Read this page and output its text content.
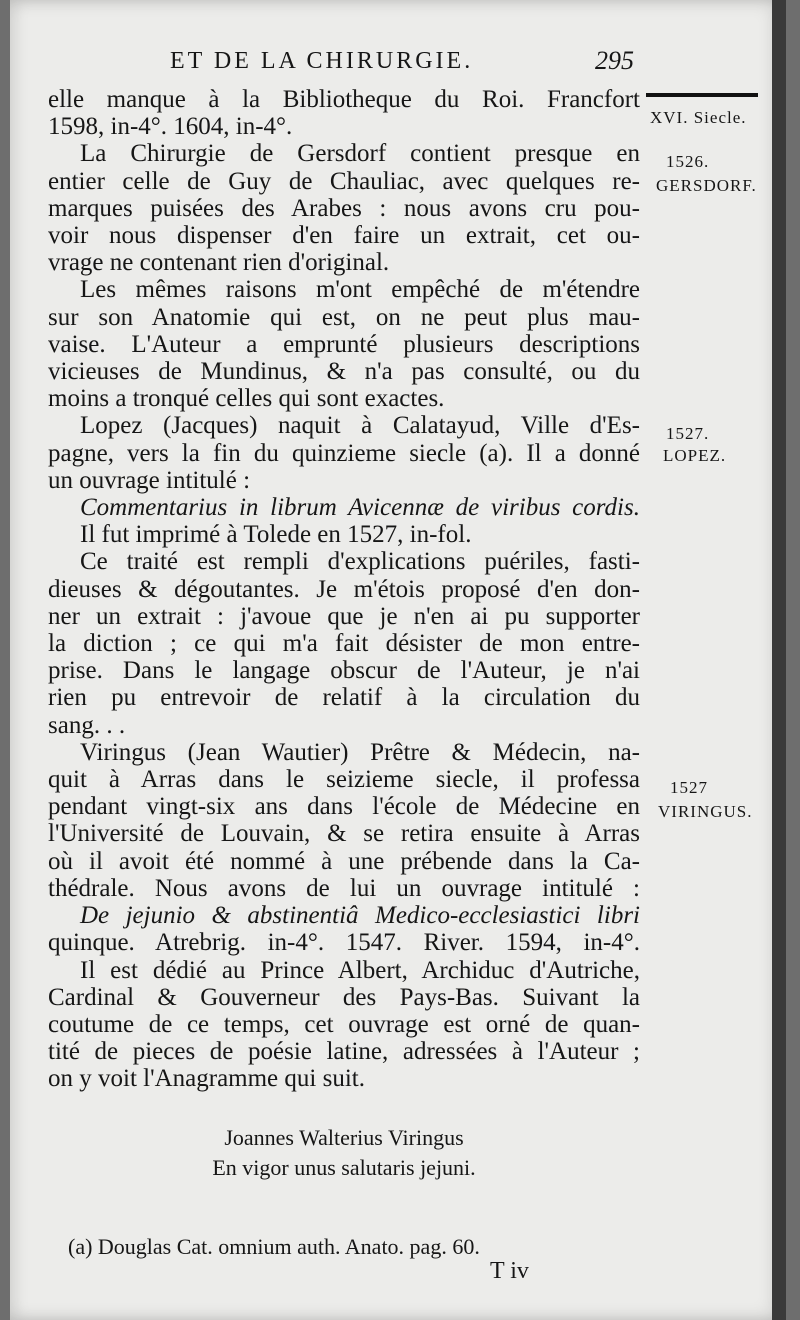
ET DE LA CHIRURGIE.	295
XVI. Siecle.
1526.
GERSDORF.
1527.
LOPEZ.
1527
VIRINGUS.

elle manque à la Bibliotheque du Roi. Francfort

1598, in-4°. 1604, in-4°.

La Chirurgie de Gersdorf contient presque en

entier celle de Guy de Chauliac, avec quelques re-

marques puisées des Arabes : nous avons cru pou-

voir nous dispenser d'en faire un extrait, cet ou-

vrage ne contenant rien d'original.

Les mêmes raisons m'ont empêché de m'étendre

sur son Anatomie qui est, on ne peut plus mau-

vaise. L'Auteur a emprunté plusieurs descriptions

vicieuses de Mundinus, & n'a pas consulté, ou du

moins a tronqué celles qui sont exactes.

Lopez (Jacques) naquit à Calatayud, Ville d'Es-

pagne, vers la fin du quinzieme siecle (a). Il a donné

un ouvrage intitulé :

Commentarius in librum Avicennæ de viribus cordis.

Il fut imprimé à Tolede en 1527, in-fol.

Ce traité est rempli d'explications puériles, fasti-

dieuses & dégoutantes. Je m'étois proposé d'en don-

ner un extrait : j'avoue que je n'en ai pu supporter

la diction ; ce qui m'a fait désister de mon entre-

prise. Dans le langage obscur de l'Auteur, je n'ai

rien pu entrevoir de relatif à la circulation du

sang. . .

Viringus (Jean Wautier) Prêtre & Médecin, na-

quit à Arras dans le seizieme siecle, il professa

pendant vingt-six ans dans l'école de Médecine en

l'Université de Louvain, & se retira ensuite à Arras

où il avoit été nommé à une prébende dans la Ca-

thédrale. Nous avons de lui un ouvrage intitulé :

De jejunio & abstinentiâ Medico-ecclesiastici libri

quinque. Atrebrig. in-4°. 1547. River. 1594, in-4°.

Il est dédié au Prince Albert, Archiduc d'Autriche,

Cardinal & Gouverneur des Pays-Bas. Suivant la

coutume de ce temps, cet ouvrage est orné de quan-

tité de pieces de poésie latine, adressées à l'Auteur ;

on y voit l'Anagramme qui suit.

Joannes Walterius Viringus

En vigor unus salutaris jejuni.

(a) Douglas Cat. omnium auth. Anato. pag. 60.
T iv
